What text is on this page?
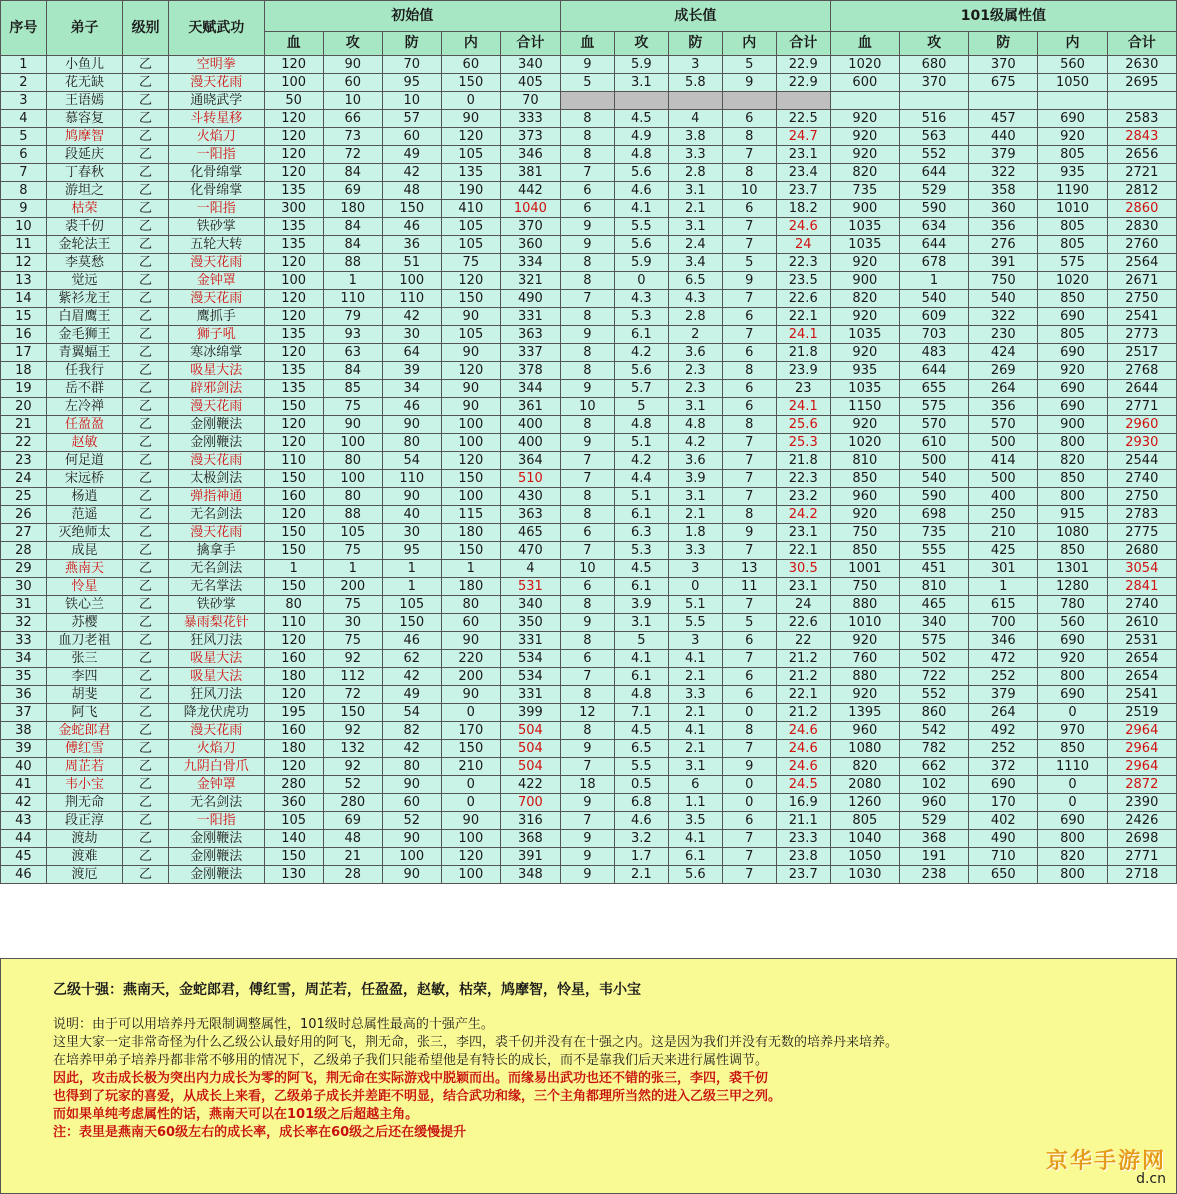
序号	弟子	级别	天赋武功	初始值					成长值					101级属性值				
				血	攻	防	内	合计	血	攻	防	内	合计	血	攻	防	内	合计
1	小鱼儿	乙	空明拳	120	90	70	60	340	9	5.9	3	5	22.9	1020	680	370	560	2630
2	花无缺	乙	漫天花雨	100	60	95	150	405	5	3.1	5.8	9	22.9	600	370	675	1050	2695
3	王语嫣	乙	通晓武学	50	10	10	0	70										
4	慕容复	乙	斗转星移	120	66	57	90	333	8	4.5	4	6	22.5	920	516	457	690	2583
5	鸠摩智	乙	火焰刀	120	73	60	120	373	8	4.9	3.8	8	24.7	920	563	440	920	2843
6	段延庆	乙	一阳指	120	72	49	105	346	8	4.8	3.3	7	23.1	920	552	379	805	2656
7	丁春秋	乙	化骨绵掌	120	84	42	135	381	7	5.6	2.8	8	23.4	820	644	322	935	2721
8	游坦之	乙	化骨绵掌	135	69	48	190	442	6	4.6	3.1	10	23.7	735	529	358	1190	2812
9	枯荣	乙	一阳指	300	180	150	410	1040	6	4.1	2.1	6	18.2	900	590	360	1010	2860
10	裘千仞	乙	铁砂掌	135	84	46	105	370	9	5.5	3.1	7	24.6	1035	634	356	805	2830
11	金轮法王	乙	五轮大转	135	84	36	105	360	9	5.6	2.4	7	24	1035	644	276	805	2760
12	李莫愁	乙	漫天花雨	120	88	51	75	334	8	5.9	3.4	5	22.3	920	678	391	575	2564
13	觉远	乙	金钟罩	100	1	100	120	321	8	0	6.5	9	23.5	900	1	750	1020	2671
14	紫衫龙王	乙	漫天花雨	120	110	110	150	490	7	4.3	4.3	7	22.6	820	540	540	850	2750
15	白眉鹰王	乙	鹰抓手	120	79	42	90	331	8	5.3	2.8	6	22.1	920	609	322	690	2541
16	金毛狮王	乙	狮子吼	135	93	30	105	363	9	6.1	2	7	24.1	1035	703	230	805	2773
17	青翼蝠王	乙	寒冰绵掌	120	63	64	90	337	8	4.2	3.6	6	21.8	920	483	424	690	2517
18	任我行	乙	吸星大法	135	84	39	120	378	8	5.6	2.3	8	23.9	935	644	269	920	2768
19	岳不群	乙	辟邪剑法	135	85	34	90	344	9	5.7	2.3	6	23	1035	655	264	690	2644
20	左冷禅	乙	漫天花雨	150	75	46	90	361	10	5	3.1	6	24.1	1150	575	356	690	2771
21	任盈盈	乙	金刚鞭法	120	90	90	100	400	8	4.8	4.8	8	25.6	920	570	570	900	2960
22	赵敏	乙	金刚鞭法	120	100	80	100	400	9	5.1	4.2	7	25.3	1020	610	500	800	2930
23	何足道	乙	漫天花雨	110	80	54	120	364	7	4.2	3.6	7	21.8	810	500	414	820	2544
24	宋远桥	乙	太极剑法	150	100	110	150	510	7	4.4	3.9	7	22.3	850	540	500	850	2740
25	杨逍	乙	弹指神通	160	80	90	100	430	8	5.1	3.1	7	23.2	960	590	400	800	2750
26	范遥	乙	无名剑法	120	88	40	115	363	8	6.1	2.1	8	24.2	920	698	250	915	2783
27	灭绝师太	乙	漫天花雨	150	105	30	180	465	6	6.3	1.8	9	23.1	750	735	210	1080	2775
28	成昆	乙	擒拿手	150	75	95	150	470	7	5.3	3.3	7	22.1	850	555	425	850	2680
29	燕南天	乙	无名剑法	1	1	1	1	4	10	4.5	3	13	30.5	1001	451	301	1301	3054
30	怜星	乙	无名掌法	150	200	1	180	531	6	6.1	0	11	23.1	750	810	1	1280	2841
31	铁心兰	乙	铁砂掌	80	75	105	80	340	8	3.9	5.1	7	24	880	465	615	780	2740
32	苏樱	乙	暴雨梨花针	110	30	150	60	350	9	3.1	5.5	5	22.6	1010	340	700	560	2610
33	血刀老祖	乙	狂风刀法	120	75	46	90	331	8	5	3	6	22	920	575	346	690	2531
34	张三	乙	吸星大法	160	92	62	220	534	6	4.1	4.1	7	21.2	760	502	472	920	2654
35	李四	乙	吸星大法	180	112	42	200	534	7	6.1	2.1	6	21.2	880	722	252	800	2654
36	胡斐	乙	狂风刀法	120	72	49	90	331	8	4.8	3.3	6	22.1	920	552	379	690	2541
37	阿飞	乙	降龙伏虎功	195	150	54	0	399	12	7.1	2.1	0	21.2	1395	860	264	0	2519
38	金蛇郎君	乙	漫天花雨	160	92	82	170	504	8	4.5	4.1	8	24.6	960	542	492	970	2964
39	傅红雪	乙	火焰刀	180	132	42	150	504	9	6.5	2.1	7	24.6	1080	782	252	850	2964
40	周芷若	乙	九阴白骨爪	120	92	80	210	504	7	5.5	3.1	9	24.6	820	662	372	1110	2964
41	韦小宝	乙	金钟罩	280	52	90	0	422	18	0.5	6	0	24.5	2080	102	690	0	2872
42	荆无命	乙	无名剑法	360	280	60	0	700	9	6.8	1.1	0	16.9	1260	960	170	0	2390
43	段正淳	乙	一阳指	105	69	52	90	316	7	4.6	3.5	6	21.1	805	529	402	690	2426
44	渡劫	乙	金刚鞭法	140	48	90	100	368	9	3.2	4.1	7	23.3	1040	368	490	800	2698
45	渡难	乙	金刚鞭法	150	21	100	120	391	9	1.7	6.1	7	23.8	1050	191	710	820	2771
46	渡厄	乙	金刚鞭法	130	28	90	100	348	9	2.1	5.6	7	23.7	1030	238	650	800	2718
乙级十强：燕南天，金蛇郎君，傅红雪，周芷若，任盈盈，赵敏，枯荣，鸠摩智，怜星，韦小宝
说明：由于可以用培养丹无限制调整属性，101级时总属性最高的十强产生。
这里大家一定非常奇怪为什么乙级公认最好用的阿飞，荆无命，张三，李四，裘千仞并没有在十强之内。这是因为我们并没有无数的培养丹来培养。
在培养甲弟子培养丹都非常不够用的情况下，乙级弟子我们只能希望他是有特长的成长，而不是靠我们后天来进行属性调节。
因此，攻击成长极为突出内力成长为零的阿飞，荆无命在实际游戏中脱颖而出。而缘易出武功也还不错的张三，李四，裘千仞
也得到了玩家的喜爱，从成长上来看，乙级弟子成长并差距不明显，结合武功和缘，三个主角都理所当然的进入乙级三甲之列。
而如果单纯考虑属性的话，燕南天可以在101级之后超越主角。
注：表里是燕南天60级左右的成长率，成长率在60级之后还在缓慢提升
京华手游网
d.cn
